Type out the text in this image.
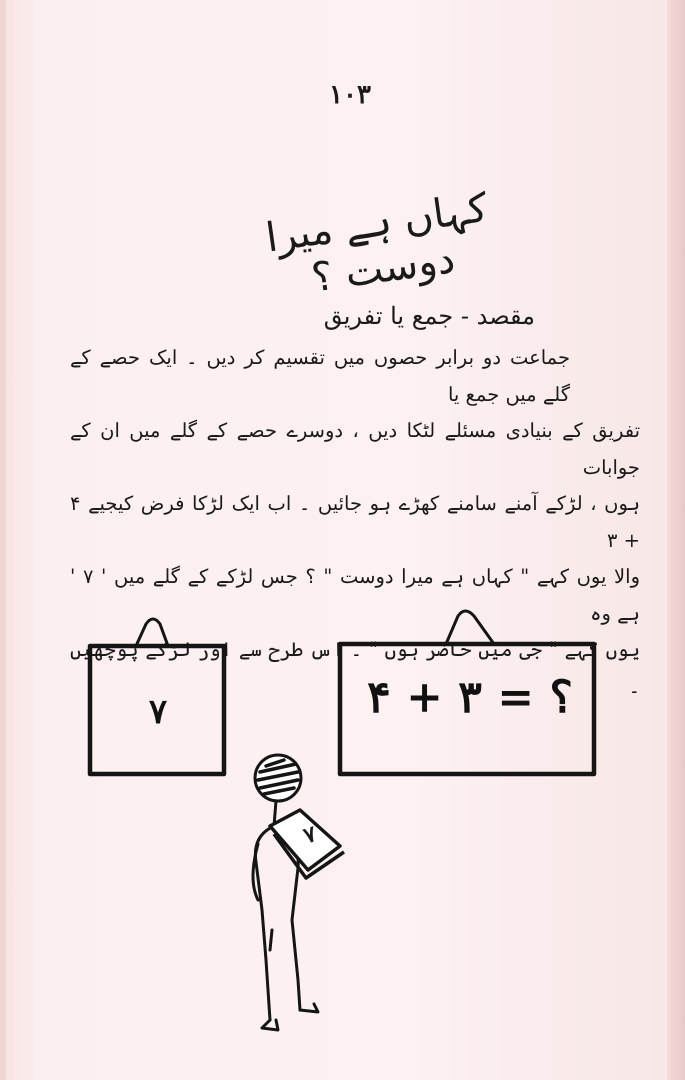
۱۰۳
کہاں ہے میرا دوست ؟
مقصد - جمع یا تفریق

جماعت دو برابر حصوں میں تقسیم کر دیں ۔ ایک حصے کے گلے میں جمع یا

تفریق کے بنیادی مسئلے لٹکا دیں ، دوسرے حصے کے گلے میں ان کے جوابات

ہوں ، لڑکے آمنے سامنے کھڑے ہو جائیں ۔ اب ایک لڑکا فرض کیجیے ۴ + ۳

والا یوں کہے " کہاں ہے میرا دوست " ؟ جس لڑکے کے گلے میں ' ۷ ' ہے وہ

یوں کہے " جی میں حاضر ہوں " ۔ اس طرح سے اور لڑکے پوچھیں ۔

۷	۴ + ۳ = ؟
۷
